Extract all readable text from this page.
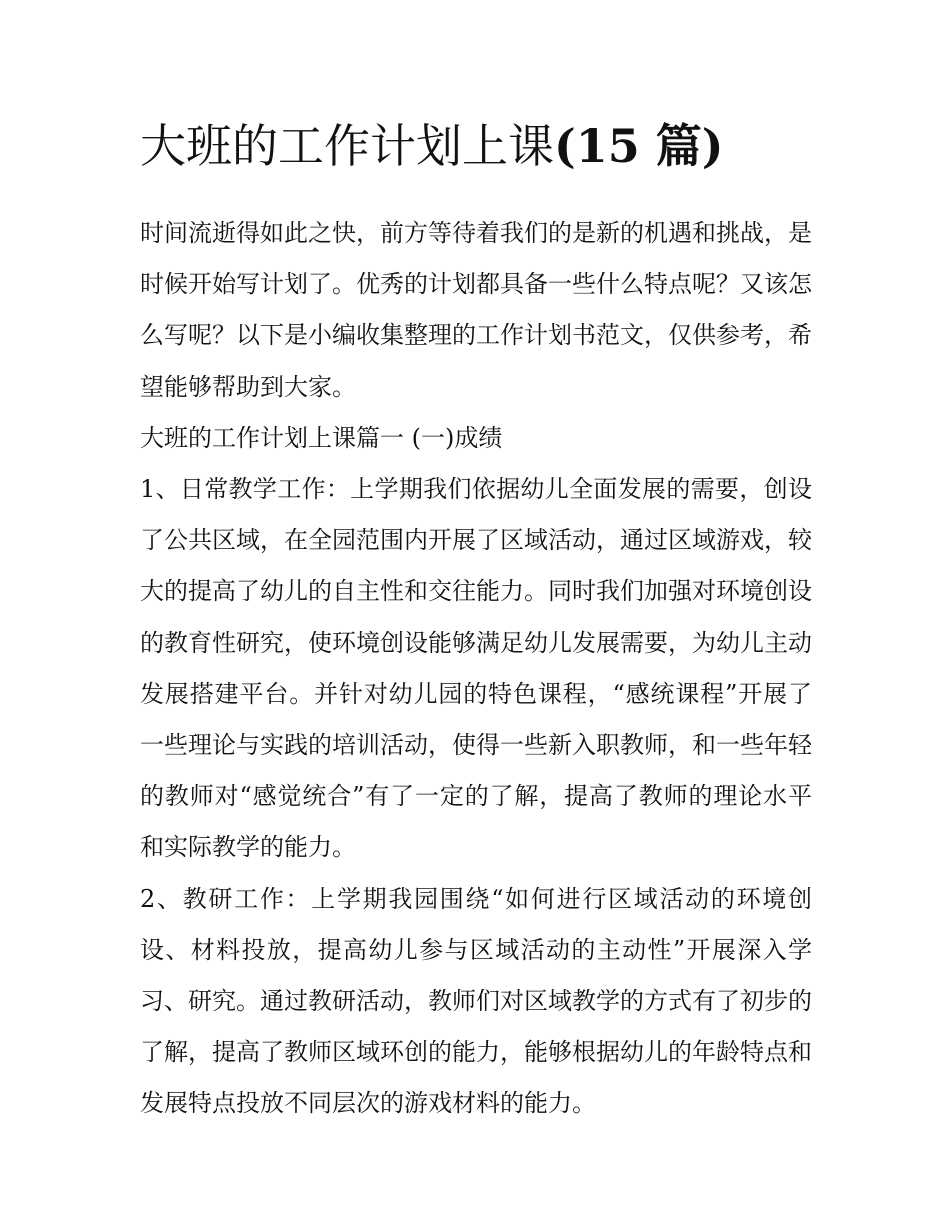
大班的工作计划上课(15 篇)

时间流逝得如此之快，前方等待着我们的是新的机遇和挑战，是时候开始写计划了。优秀的计划都具备一些什么特点呢？又该怎么写呢？以下是小编收集整理的工作计划书范文，仅供参考，希望能够帮助到大家。

大班的工作计划上课篇一 (一)成绩

1、日常教学工作：上学期我们依据幼儿全面发展的需要，创设了公共区域，在全园范围内开展了区域活动，通过区域游戏，较大的提高了幼儿的自主性和交往能力。同时我们加强对环境创设的教育性研究，使环境创设能够满足幼儿发展需要，为幼儿主动发展搭建平台。并针对幼儿园的特色课程，“感统课程”开展了一些理论与实践的培训活动，使得一些新入职教师，和一些年轻的教师对“感觉统合”有了一定的了解，提高了教师的理论水平和实际教学的能力。

2、教研工作：上学期我园围绕“如何进行区域活动的环境创设、材料投放，提高幼儿参与区域活动的主动性”开展深入学习、研究。通过教研活动，教师们对区域教学的方式有了初步的了解，提高了教师区域环创的能力，能够根据幼儿的年龄特点和发展特点投放不同层次的游戏材料的能力。
